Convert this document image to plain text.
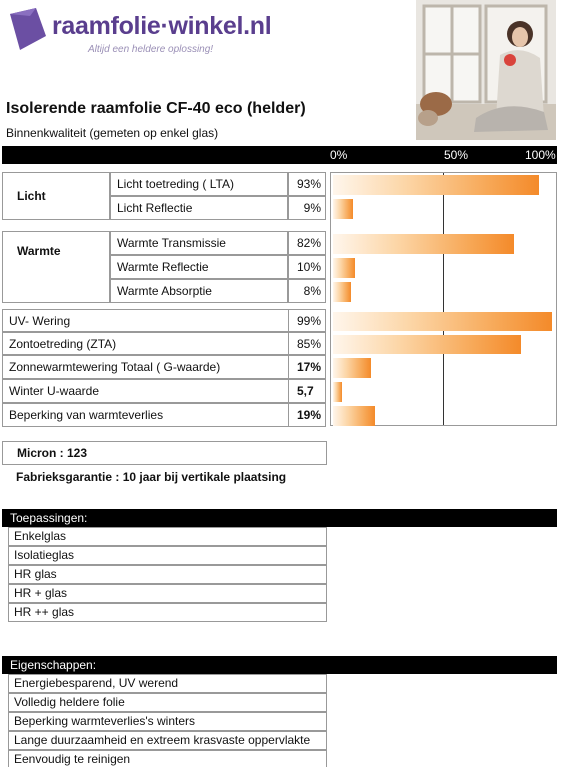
raamfolie·winkel.nl
Altijd een heldere oplossing!
Isolerende raamfolie CF-40 eco (helder)
Binnenkwaliteit (gemeten op enkel glas)
0%	50%	100%
Licht
Licht toetreding ( LTA)	93%
Licht Reflectie	9%
Warmte
Warmte Transmissie	82%
Warmte Reflectie	10%
Warmte Absorptie	8%
UV- Wering	99%
Zontoetreding (ZTA)	85%
Zonnewarmtewering Totaal ( G-waarde)	17%
Winter U-waarde	5,7
Beperking van warmteverlies	19%
Micron : 123
Fabrieksgarantie : 10 jaar bij vertikale plaatsing
Toepassingen:
Enkelglas
Isolatieglas
HR glas
HR + glas
HR ++ glas
Eigenschappen:
Energiebesparend, UV werend
Volledig heldere folie
Beperking warmteverlies's winters
Lange duurzaamheid en extreem krasvaste oppervlakte
Eenvoudig te reinigen
